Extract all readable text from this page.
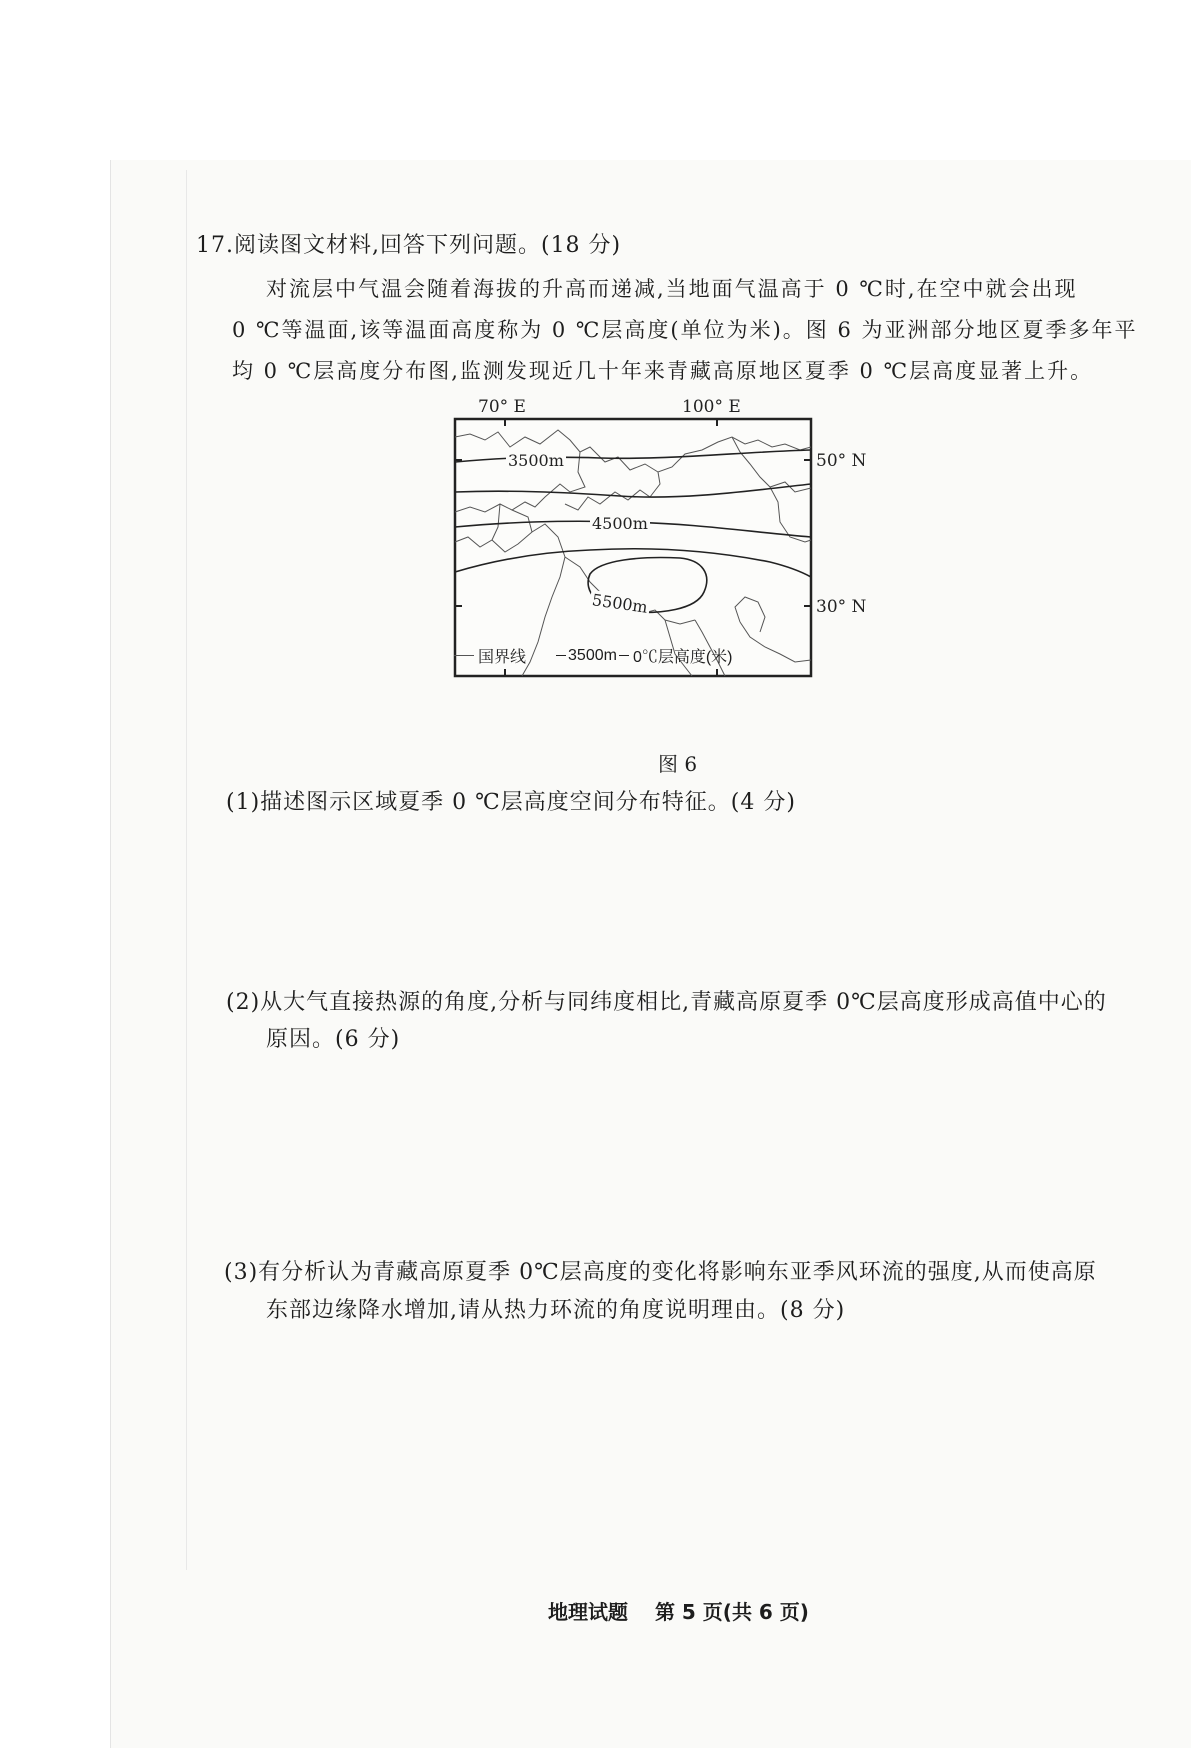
17.阅读图文材料,回答下列问题。(18 分)
对流层中气温会随着海拔的升高而递减,当地面气温高于 0 ℃时,在空中就会出现
0 ℃等温面,该等温面高度称为 0 ℃层高度(单位为米)。图 6 为亚洲部分地区夏季多年平
均 0 ℃层高度分布图,监测发现近几十年来青藏高原地区夏季 0 ℃层高度显著上升。
70° E	100° E
3500m
4500m
5500m
50° N
30° N
国界线	3500m 0℃层高度(米)
图 6
(1)描述图示区域夏季 0 ℃层高度空间分布特征。(4 分)
(2)从大气直接热源的角度,分析与同纬度相比,青藏高原夏季 0℃层高度形成高值中心的
原因。(6 分)
(3)有分析认为青藏高原夏季 0℃层高度的变化将影响东亚季风环流的强度,从而使高原
东部边缘降水增加,请从热力环流的角度说明理由。(8 分)
地理试题 第 5 页(共 6 页)
